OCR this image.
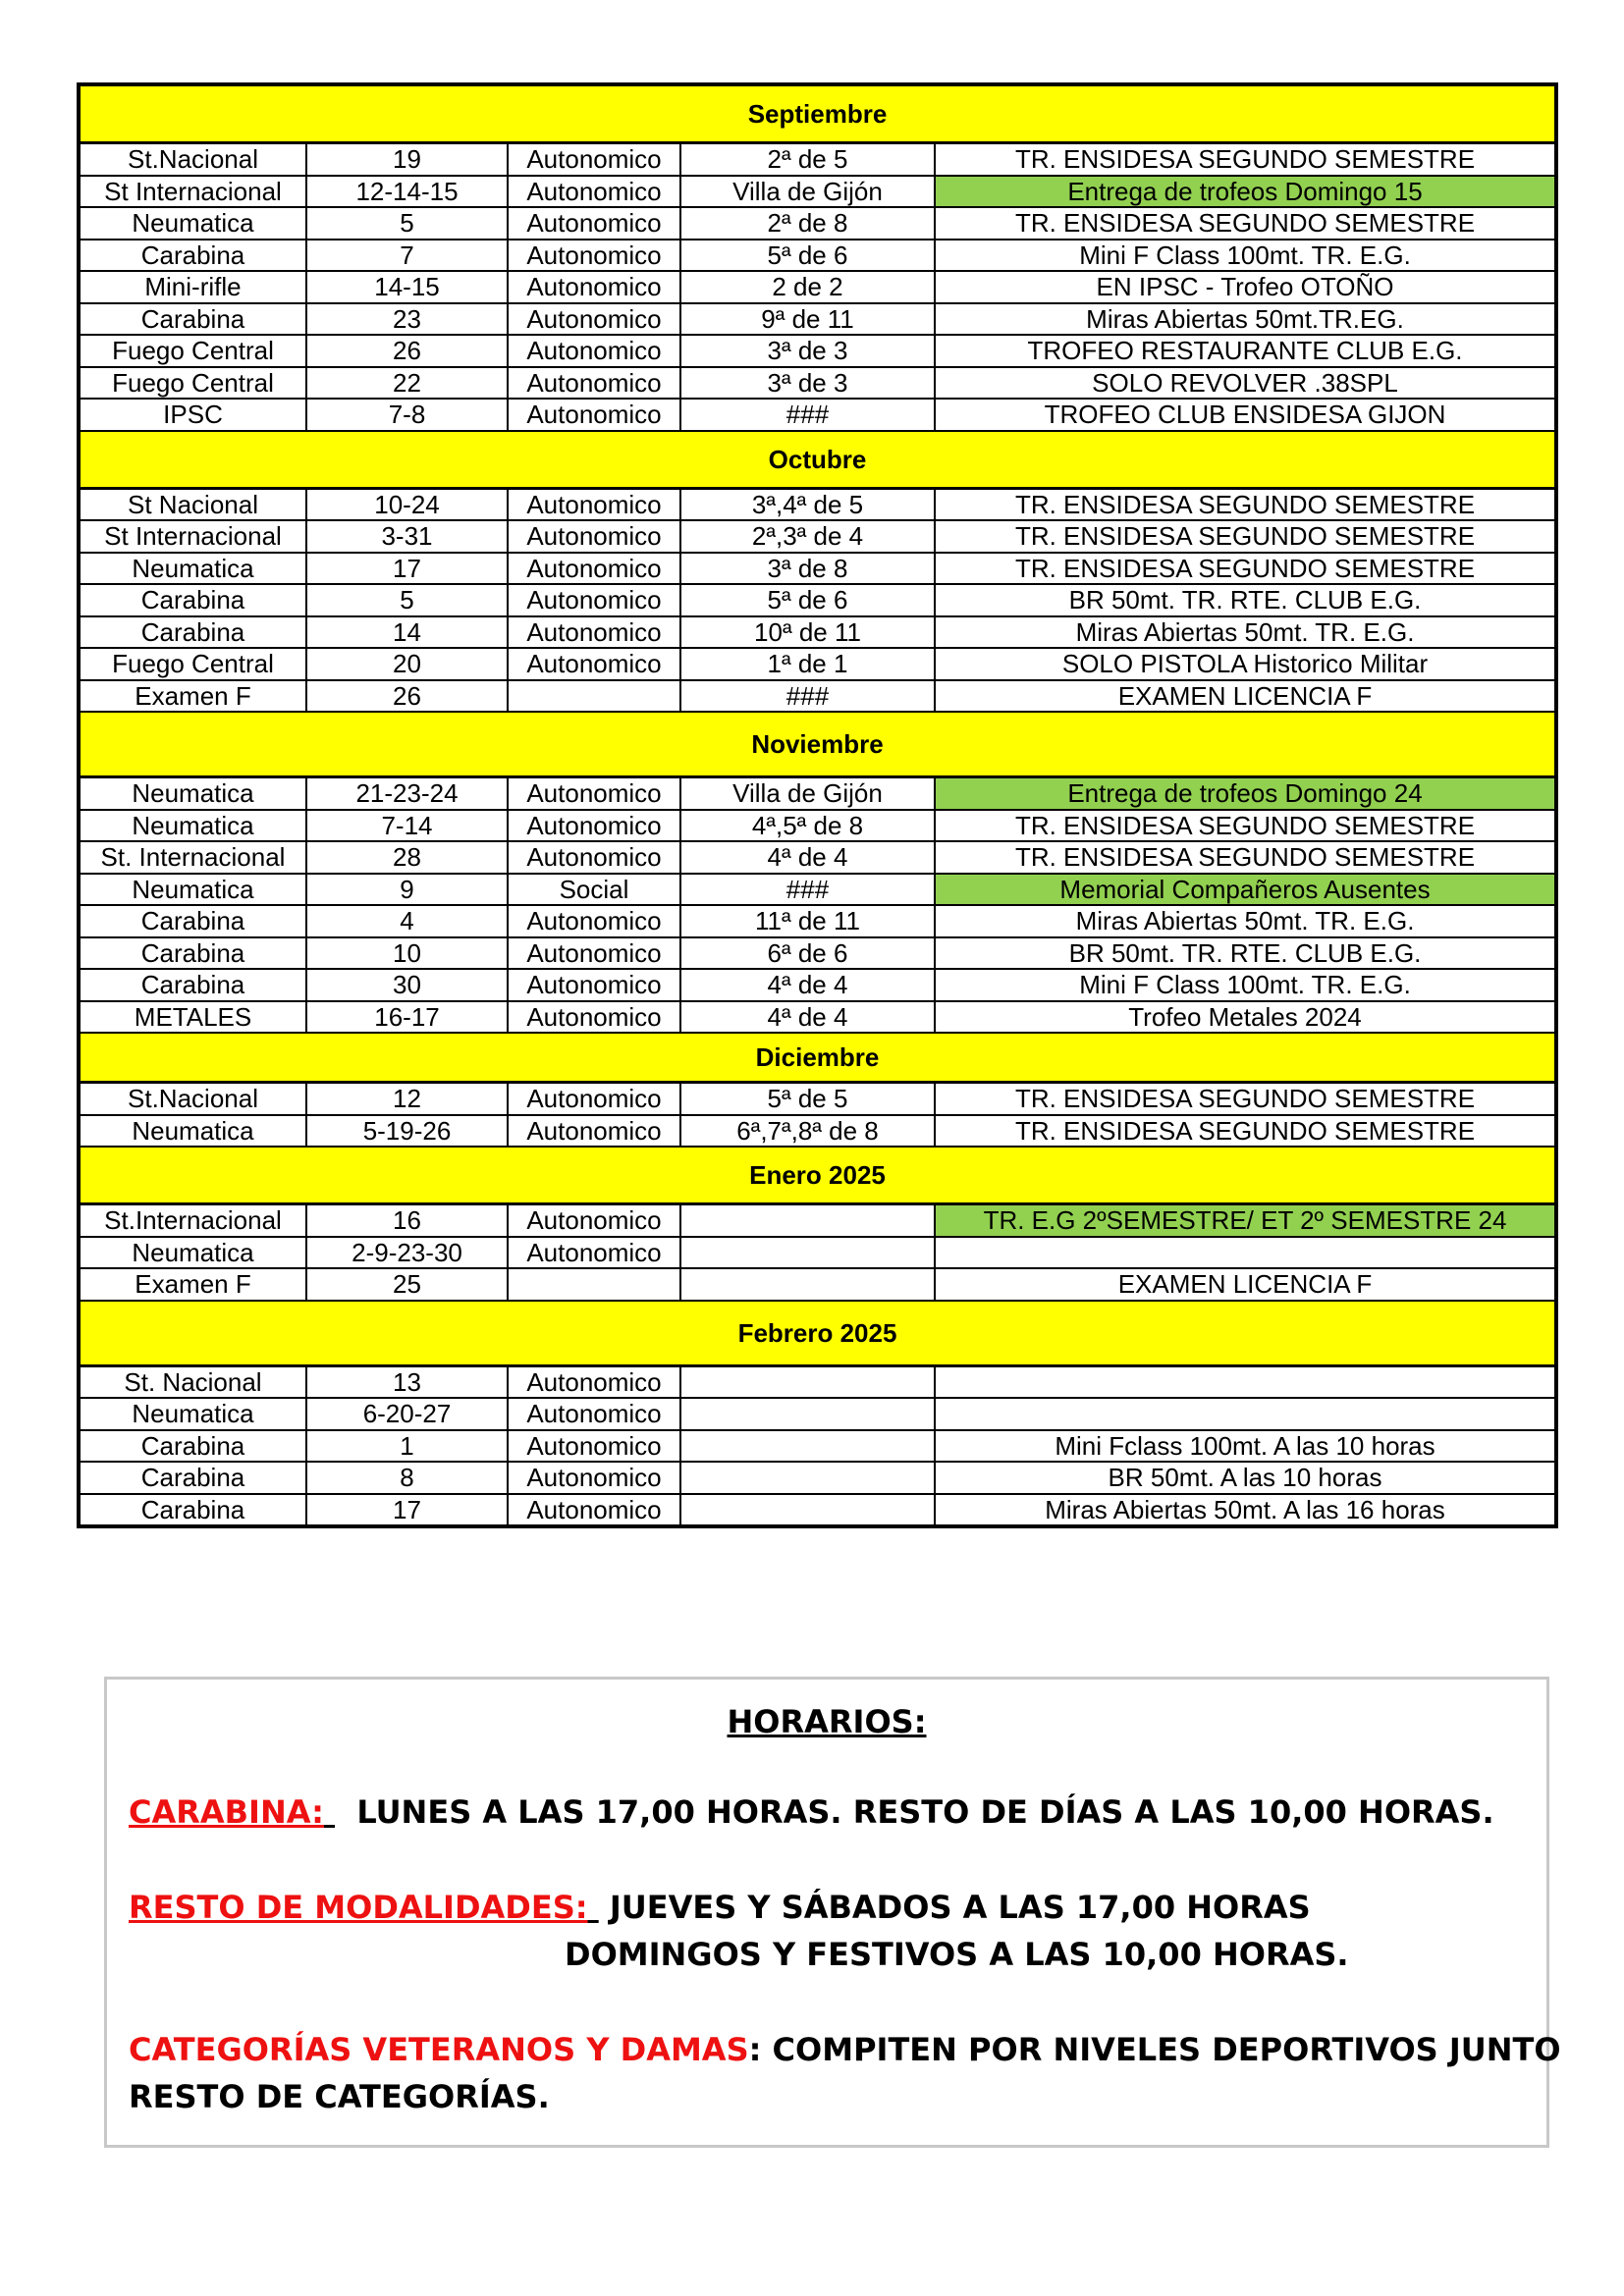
Septiembre				
St.Nacional	19	Autonomico	2ª de 5	TR. ENSIDESA SEGUNDO SEMESTRE
St Internacional	12-14-15	Autonomico	Villa de Gijón	Entrega de trofeos Domingo 15
Neumatica	5	Autonomico	2ª de 8	TR. ENSIDESA SEGUNDO SEMESTRE
Carabina	7	Autonomico	5ª de 6	Mini F Class 100mt. TR. E.G.
Mini-rifle	14-15	Autonomico	2 de 2	EN IPSC - Trofeo OTOÑO
Carabina	23	Autonomico	9ª de 11	Miras Abiertas 50mt.TR.EG.
Fuego Central	26	Autonomico	3ª de 3	TROFEO RESTAURANTE CLUB E.G.
Fuego Central	22	Autonomico	3ª de 3	SOLO REVOLVER .38SPL
IPSC	7-8	Autonomico	###	TROFEO CLUB ENSIDESA GIJON
Octubre				
St Nacional	10-24	Autonomico	3ª,4ª de 5	TR. ENSIDESA SEGUNDO SEMESTRE
St Internacional	3-31	Autonomico	2ª,3ª de 4	TR. ENSIDESA SEGUNDO SEMESTRE
Neumatica	17	Autonomico	3ª de 8	TR. ENSIDESA SEGUNDO SEMESTRE
Carabina	5	Autonomico	5ª de 6	BR 50mt. TR. RTE. CLUB E.G.
Carabina	14	Autonomico	10ª de 11	Miras Abiertas 50mt. TR. E.G.
Fuego Central	20	Autonomico	1ª de 1	SOLO PISTOLA Historico Militar
Examen F	26		###	EXAMEN LICENCIA F
Noviembre				
Neumatica	21-23-24	Autonomico	Villa de Gijón	Entrega de trofeos Domingo 24
Neumatica	7-14	Autonomico	4ª,5ª de 8	TR. ENSIDESA SEGUNDO SEMESTRE
St. Internacional	28	Autonomico	4ª de 4	TR. ENSIDESA SEGUNDO SEMESTRE
Neumatica	9	Social	###	Memorial Compañeros Ausentes
Carabina	4	Autonomico	11ª de 11	Miras Abiertas 50mt. TR. E.G.
Carabina	10	Autonomico	6ª de 6	BR 50mt. TR. RTE. CLUB E.G.
Carabina	30	Autonomico	4ª de 4	Mini F Class 100mt. TR. E.G.
METALES	16-17	Autonomico	4ª de 4	Trofeo Metales 2024
Diciembre				
St.Nacional	12	Autonomico	5ª de 5	TR. ENSIDESA SEGUNDO SEMESTRE
Neumatica	5-19-26	Autonomico	6ª,7ª,8ª de 8	TR. ENSIDESA SEGUNDO SEMESTRE
Enero 2025				
St.Internacional	16	Autonomico		TR. E.G 2ºSEMESTRE/ ET 2º SEMESTRE 24
Neumatica	2-9-23-30	Autonomico		
Examen F	25			EXAMEN LICENCIA F
Febrero 2025				
St. Nacional	13	Autonomico		
Neumatica	6-20-27	Autonomico		
Carabina	1	Autonomico		Mini Fclass 100mt. A las 10 horas
Carabina	8	Autonomico		BR 50mt. A las 10 horas
Carabina	17	Autonomico		Miras Abiertas 50mt. A las 16 horas
HORARIOS:
CARABINA: LUNES A LAS 17,00 HORAS. RESTO DE DÍAS A LAS 10,00 HORAS.
RESTO DE MODALIDADES: JUEVES Y SÁBADOS A LAS 17,00 HORAS
DOMINGOS Y FESTIVOS A LAS 10,00 HORAS.
CATEGORÍAS VETERANOS Y DAMAS: COMPITEN POR NIVELES DEPORTIVOS JUNTO
RESTO DE CATEGORÍAS.
